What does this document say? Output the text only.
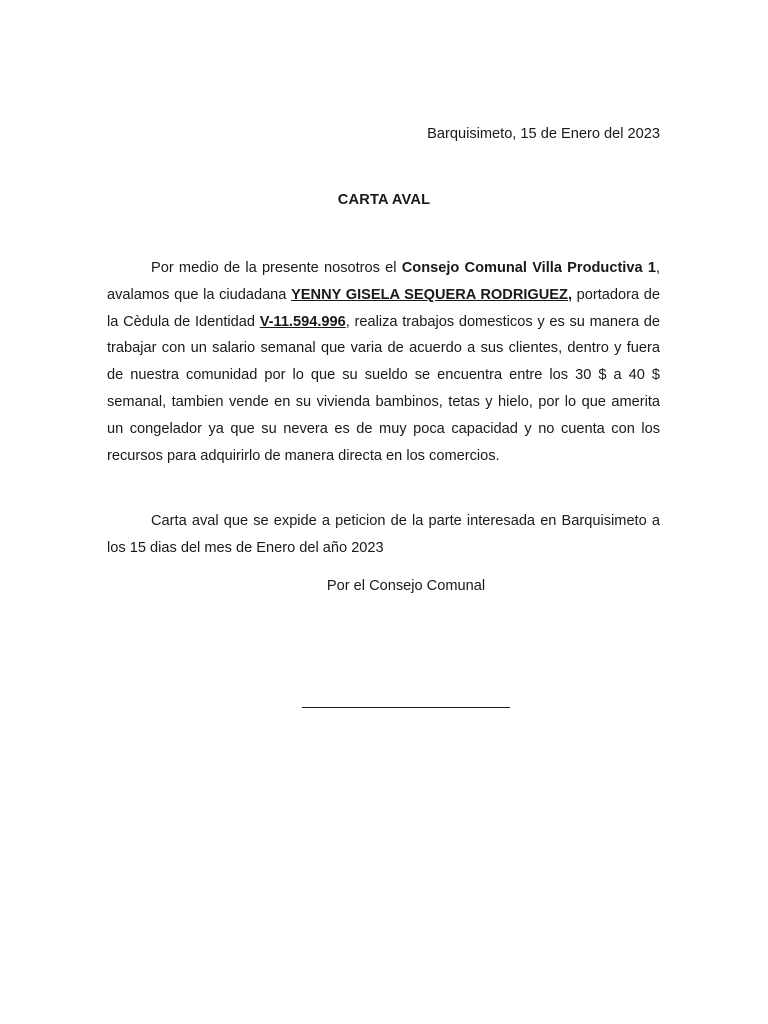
Barquisimeto, 15 de Enero del 2023
CARTA AVAL
Por medio de la presente nosotros el Consejo Comunal Villa Productiva 1, avalamos que la ciudadana YENNY GISELA SEQUERA RODRIGUEZ, portadora de la Cèdula de Identidad V-11.594.996, realiza trabajos domesticos y es su manera de trabajar con un salario semanal que varia de acuerdo a sus clientes, dentro y fuera de nuestra comunidad por lo que su sueldo se encuentra entre los 30 $ a 40 $ semanal, tambien vende en su vivienda bambinos, tetas y hielo, por lo que amerita un congelador ya que su nevera es de muy poca capacidad y no cuenta con los recursos para adquirirlo de manera directa en los comercios.
Carta aval que se expide a peticion de la parte interesada en Barquisimeto a los 15 dias del mes de Enero del año 2023
Por el Consejo Comunal
